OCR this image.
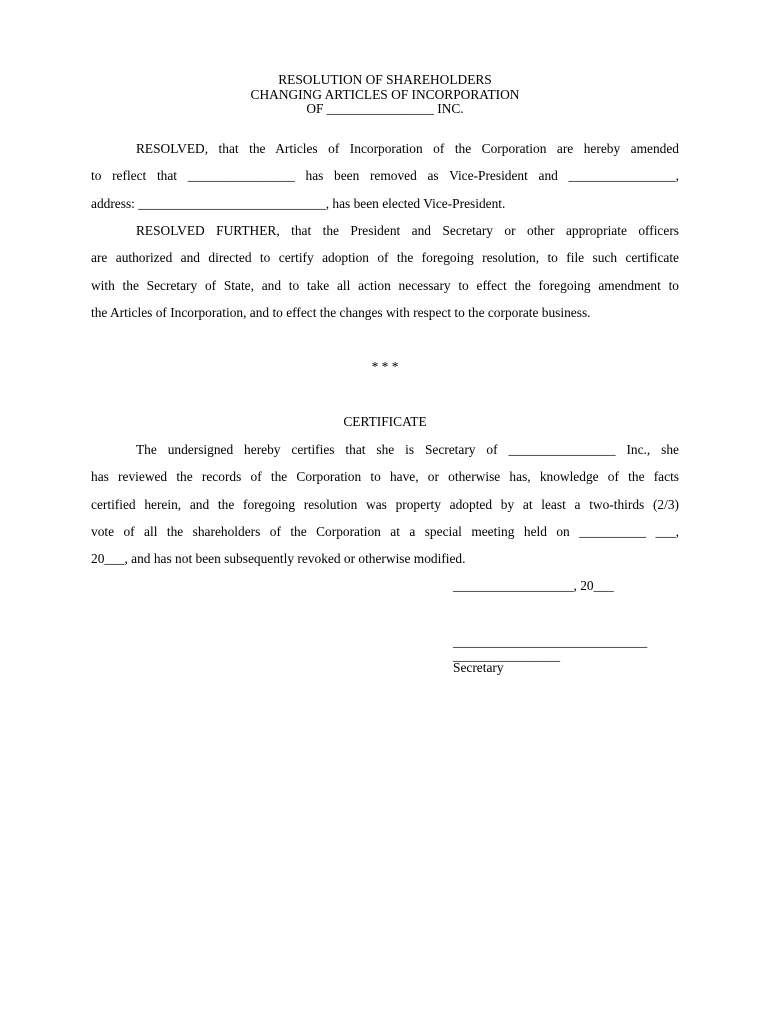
RESOLUTION OF SHAREHOLDERS
CHANGING ARTICLES OF INCORPORATION
OF ________________ INC.
RESOLVED, that the Articles of Incorporation of the Corporation are hereby amended
to reflect that ________________ has been removed as Vice-President and ________________,
address: ____________________________, has been elected Vice-President.
RESOLVED FURTHER, that the President and Secretary or other appropriate officers
are authorized and directed to certify adoption of the foregoing resolution, to file such certificate
with the Secretary of State, and to take all action necessary to effect the foregoing amendment to
the Articles of Incorporation, and to effect the changes with respect to the corporate business.
* * *
CERTIFICATE
The undersigned hereby certifies that she is Secretary of ________________ Inc., she
has reviewed the records of the Corporation to have, or otherwise has, knowledge of the facts
certified herein, and the foregoing resolution was property adopted by at least a two-thirds (2/3)
vote of all the shareholders of the Corporation at a special meeting held on __________ ___,
20___, and has not been subsequently revoked or otherwise modified.
__________________, 20___
_____________________________
________________
Secretary
